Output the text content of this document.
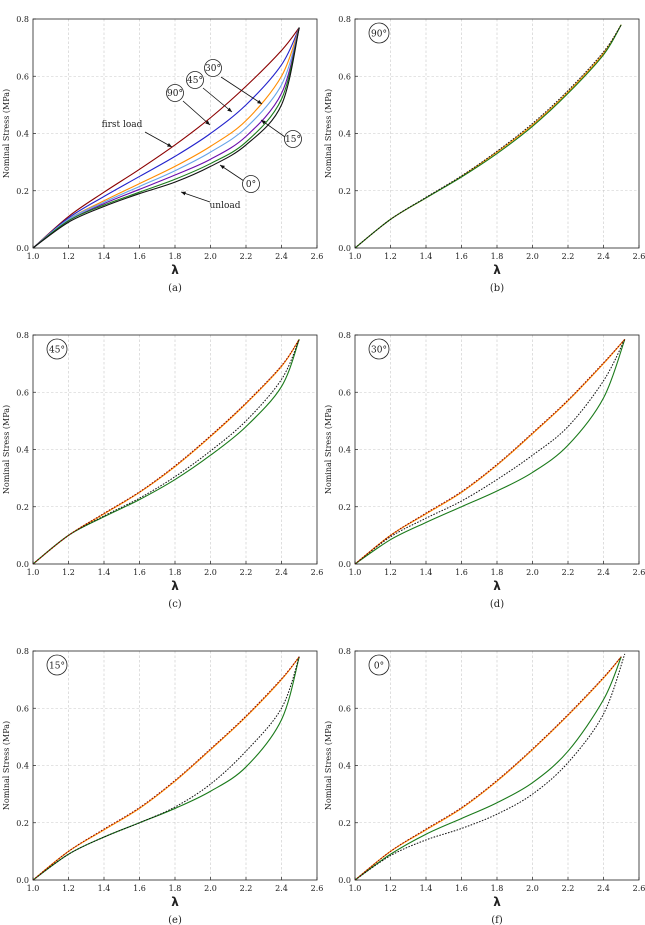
1.0	1.2	1.4	1.6	1.8	2.0	2.2	2.4	2.6
0.0
0.2
0.4
0.6
0.8
Nominal Stress (MPa)
λ
(a)
first load
90°
45°
30°
15°
0°
unload
1.0	1.2	1.4	1.6	1.8	2.0	2.2	2.4	2.6
0.0
0.2
0.4
0.6
0.8
Nominal Stress (MPa)
λ
(b)
90°
1.0	1.2	1.4	1.6	1.8	2.0	2.2	2.4	2.6
0.0
0.2
0.4
0.6
0.8
Nominal Stress (MPa)
λ
(c)
45°
1.0	1.2	1.4	1.6	1.8	2.0	2.2	2.4	2.6
0.0
0.2
0.4
0.6
0.8
Nominal Stress (MPa)
λ
(d)
30°
1.0	1.2	1.4	1.6	1.8	2.0	2.2	2.4	2.6
0.0
0.2
0.4
0.6
0.8
Nominal Stress (MPa)
λ
(e)
15°
1.0	1.2	1.4	1.6	1.8	2.0	2.2	2.4	2.6
0.0
0.2
0.4
0.6
0.8
Nominal Stress (MPa)
λ
(f)
0°
